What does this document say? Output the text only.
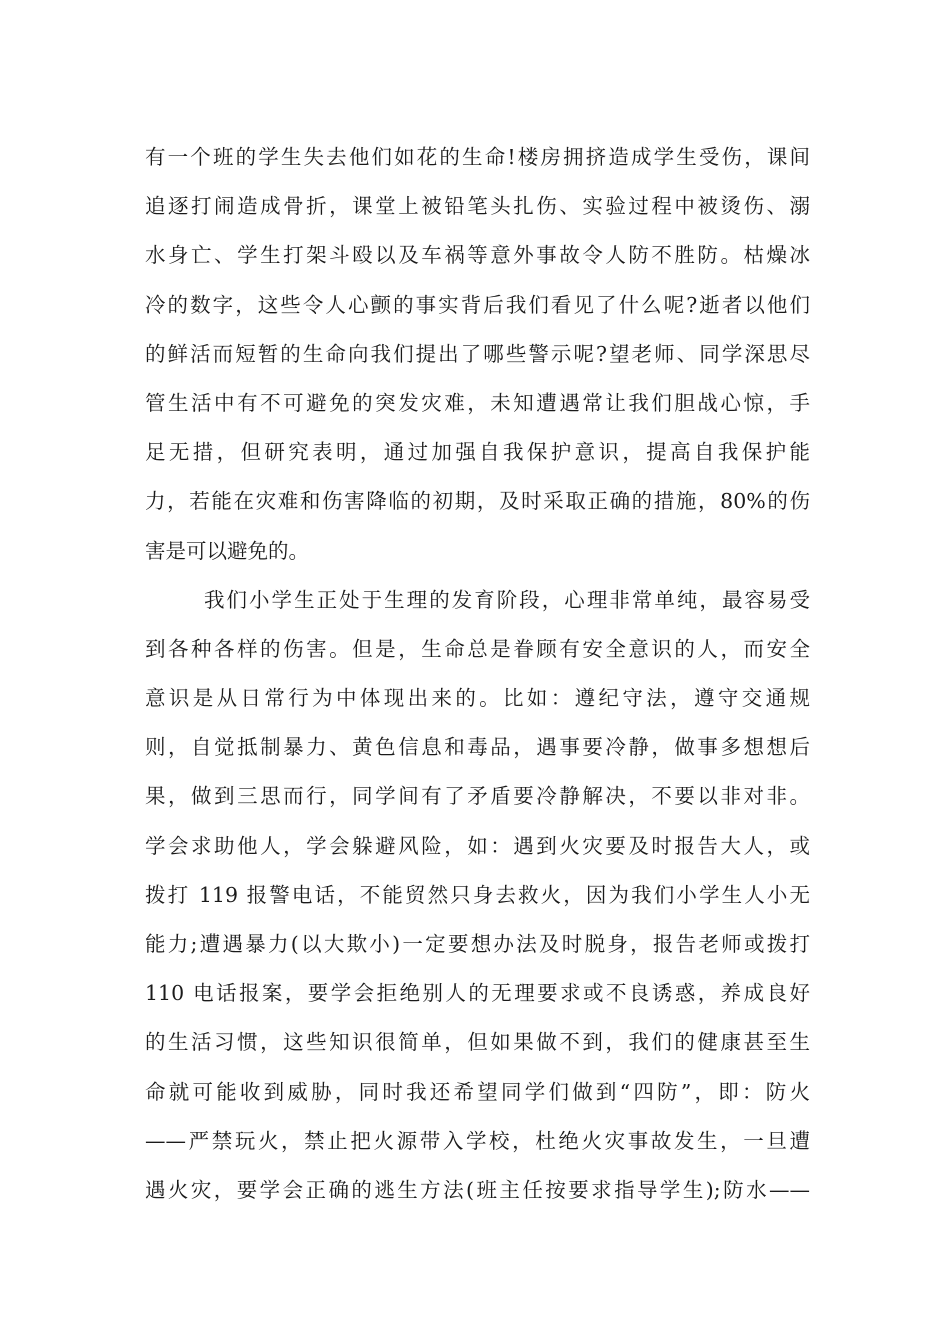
有一个班的学生失去他们如花的生命!楼房拥挤造成学生受伤，课间
追逐打闹造成骨折，课堂上被铅笔头扎伤、实验过程中被烫伤、溺
水身亡、学生打架斗殴以及车祸等意外事故令人防不胜防。枯燥冰
冷的数字，这些令人心颤的事实背后我们看见了什么呢?逝者以他们
的鲜活而短暂的生命向我们提出了哪些警示呢?望老师、同学深思尽
管生活中有不可避免的突发灾难，未知遭遇常让我们胆战心惊，手
足无措，但研究表明，通过加强自我保护意识，提高自我保护能
力，若能在灾难和伤害降临的初期，及时采取正确的措施，80%的伤
害是可以避免的。
我们小学生正处于生理的发育阶段，心理非常单纯，最容易受
到各种各样的伤害。但是，生命总是眷顾有安全意识的人，而安全
意识是从日常行为中体现出来的。比如：遵纪守法，遵守交通规
则，自觉抵制暴力、黄色信息和毒品，遇事要冷静，做事多想想后
果，做到三思而行，同学间有了矛盾要冷静解决，不要以非对非。
学会求助他人，学会躲避风险，如：遇到火灾要及时报告大人，或
拨打 119 报警电话，不能贸然只身去救火，因为我们小学生人小无
能力;遭遇暴力(以大欺小)一定要想办法及时脱身，报告老师或拨打
110 电话报案，要学会拒绝别人的无理要求或不良诱惑，养成良好
的生活习惯，这些知识很简单，但如果做不到，我们的健康甚至生
命就可能收到威胁，同时我还希望同学们做到“四防”，即：防火
——严禁玩火，禁止把火源带入学校，杜绝火灾事故发生，一旦遭
遇火灾，要学会正确的逃生方法(班主任按要求指导学生);防水——
